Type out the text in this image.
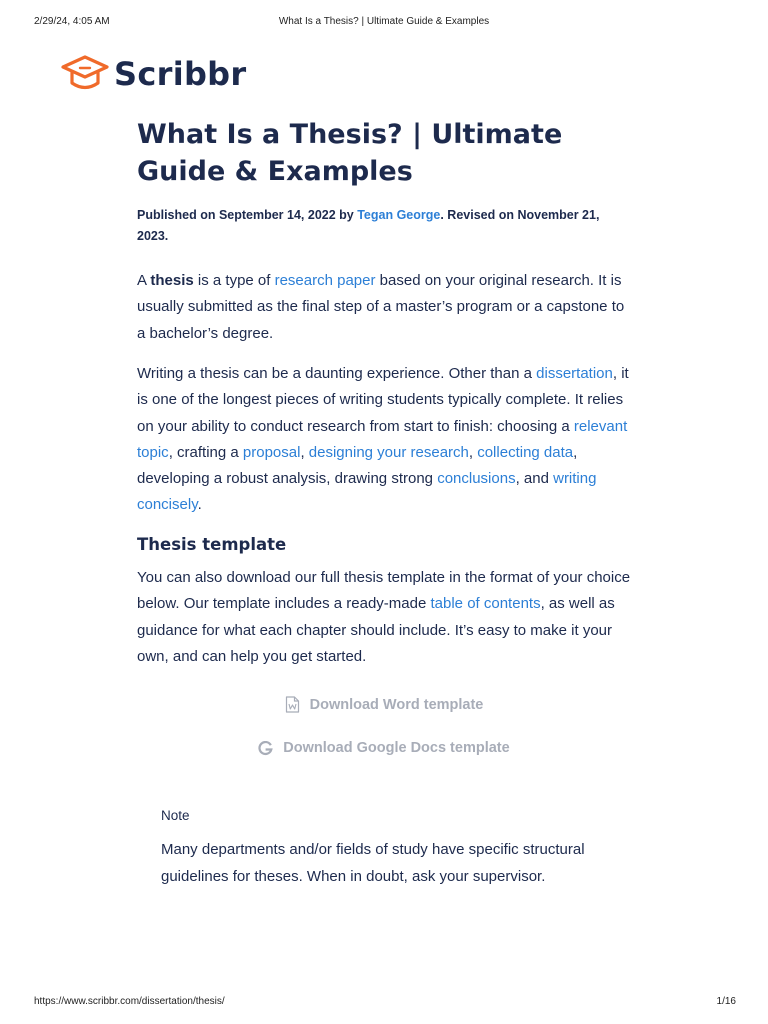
2/29/24, 4:05 AM	What Is a Thesis? | Ultimate Guide & Examples
Scribbr
What Is a Thesis? | Ultimate Guide & Examples
Published on September 14, 2022 by Tegan George. Revised on November 21, 2023.

A thesis is a type of research paper based on your original research. It is usually submitted as the final step of a master’s program or a capstone to a bachelor’s degree.

Writing a thesis can be a daunting experience. Other than a dissertation, it is one of the longest pieces of writing students typically complete. It relies on your ability to conduct research from start to finish: choosing a relevant topic, crafting a proposal, designing your research, collecting data, developing a robust analysis, drawing strong conclusions, and writing concisely.

Thesis template

You can also download our full thesis template in the format of your choice below. Our template includes a ready-made table of contents, as well as guidance for what each chapter should include. It’s easy to make it your own, and can help you get started.

Download Word template
Download Google Docs template
Note

Many departments and/or fields of study have specific structural guidelines for theses. When in doubt, ask your supervisor.

https://www.scribbr.com/dissertation/thesis/	1/16
